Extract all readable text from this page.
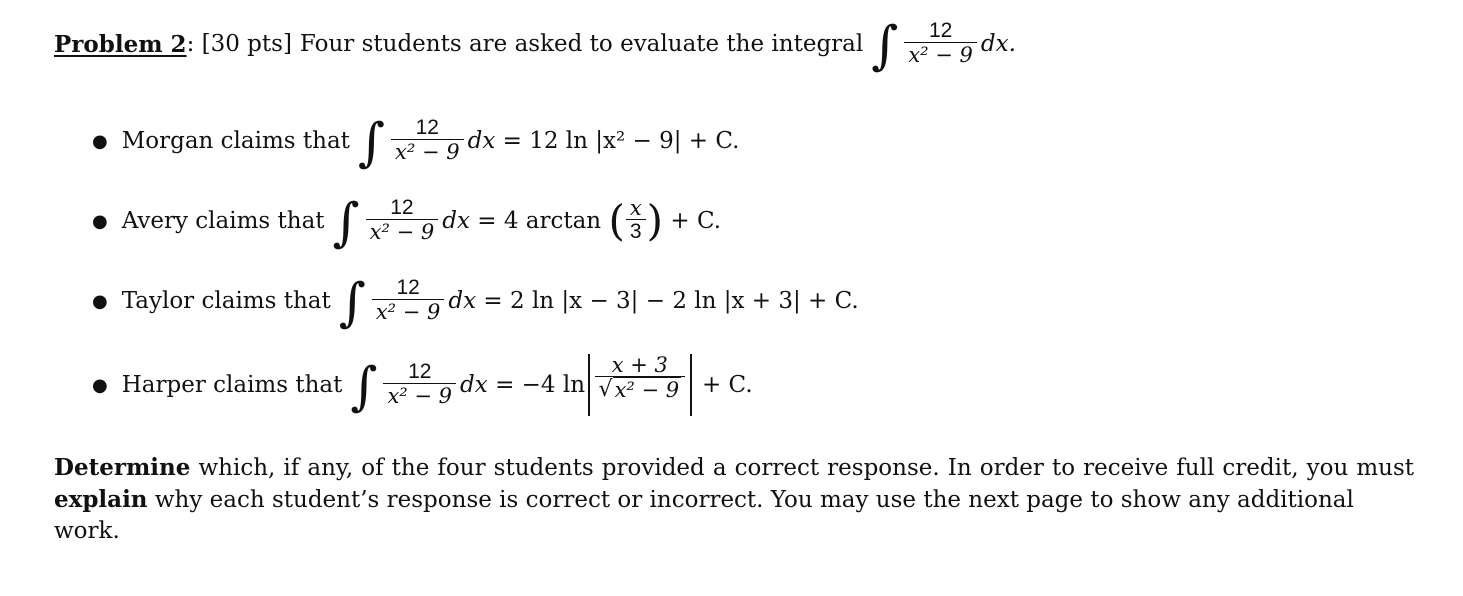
Problem 2 : [30 pts] Four students are asked to evaluate the integral ∫ $\frac{12}{\text{x² − 9}}$ dx.
● Morgan claims that ∫ $\frac{12}{\text{x² − 9}}$ dx
= 12 ln |x² − 9| + C.
● Avery claims that ∫ $\frac{12}{\text{x² − 9}}$ dx
= 4 arctan
( $\frac{x}{3}$ )
+ C.
● Taylor claims that ∫ $\frac{12}{\text{x² − 9}}$ dx
= 2 ln |x − 3| − 2 ln |x + 3| + C.
● Harper claims that ∫ $\frac{12}{\text{x² − 9}}$ dx
= −4 $\ln \frac{x + 3}{\text{√ x² − 9}}$
+ C.

Determine which, if any, of the four students provided a correct response. In order to receive full credit, you must

explain why each student’s response is correct or incorrect. You may use the next page to show any additional work.
